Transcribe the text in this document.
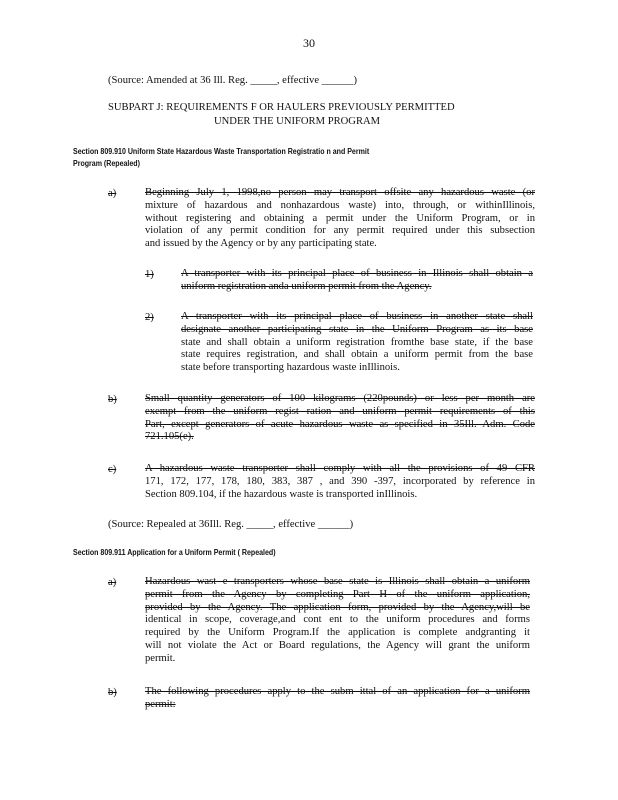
30
(Source: Amended at 36 Ill. Reg. _____, effective ______)
SUBPART J: REQUIREMENTS F OR HAULERS PREVIOUSLY PERMITTED
UNDER THE UNIFORM PROGRAM
Section 809.910 Uniform State Hazardous Waste Transportation Registratio n and Permit
Program (Repealed)
a)	Beginning July 1, 1998,no person may transport offsite any hazardous waste (or
mixture of hazardous and nonhazardous waste) into, through, or withinIllinois,
without registering and obtaining a permit under the Uniform Program, or in
violation of any permit condition for any permit required under this subsection
and issued by the Agency or by any participating state.
1)	A transporter with its principal place of business in Illinois shall obtain a
uniform registration anda uniform permit from the Agency.
2)	A transporter with its principal place of business in another state shall
designate another participating state in the Uniform Program as its base
state and shall obtain a uniform registration fromthe base state, if the base
state requires registration, and shall obtain a uniform permit from the base
state before transporting hazardous waste inIllinois.
b)	Small quantity generators of 100 kilograms (220pounds) or less per month are
exempt from the uniform regist ration and uniform permit requirements of this
Part, except generators of acute hazardous waste as specified in 35Ill. Adm. Code
721.105(e).
c)	A hazardous waste transporter shall comply with all the provisions of 49 CFR
171, 172, 177, 178, 180, 383, 387 , and 390 -397, incorporated by reference in
Section 809.104, if the hazardous waste is transported inIllinois.
(Source: Repealed at 36Ill. Reg. _____, effective ______)
Section 809.911 Application for a Uniform Permit ( Repealed)
a)	Hazardous wast e transporters whose base state is Illinois shall obtain a uniform
permit from the Agency by completing Part H of the uniform application,
provided by the Agency. The application form, provided by the Agency,will be
identical in scope, coverage,and cont ent to the uniform procedures and forms
required by the Uniform Program.If the application is complete andgranting it
will not violate the Act or Board regulations, the Agency will grant the uniform
permit.
b)	The following procedures apply to the subm ittal of an application for a uniform
permit:
